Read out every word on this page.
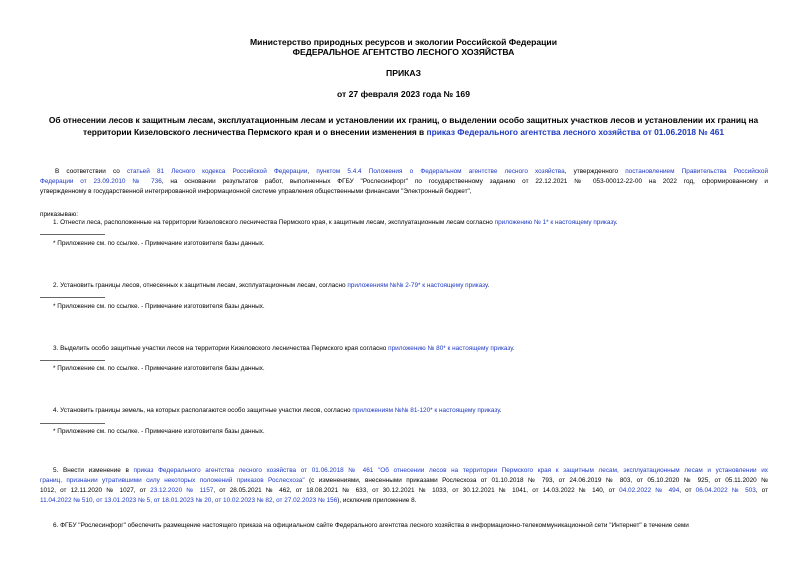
Министерство природных ресурсов и экологии Российской Федерации
ФЕДЕРАЛЬНОЕ АГЕНТСТВО ЛЕСНОГО ХОЗЯЙСТВА
ПРИКАЗ
от 27 февраля 2023 года № 169
Об отнесении лесов к защитным лесам, эксплуатационным лесам и установлении их границ, о выделении особо защитных участков лесов и установлении их границ на территории Кизеловского лесничества Пермского края и о внесении изменения в приказ Федерального агентства лесного хозяйства от 01.06.2018 № 461
В соответствии со статьей 81 Лесного кодекса Российской Федерации, пунктом 5.4.4 Положения о Федеральном агентстве лесного хозяйства, утвержденного постановлением Правительства Российской
Федерации от 23.09.2010 № 736, на основании результатов работ, выполненных ФГБУ "Рослесинфорг" по государственному заданию от 22.12.2021 № 053-00012-22-00 на 2022 год, сформированному и
утвержденному в государственной интегрированной информационной системе управления общественными финансами "Электронный бюджет",
приказываю:
1. Отнести леса, расположенные на территории Кизеловского лесничества Пермского края, к защитным лесам, эксплуатационным лесам согласно приложению № 1* к настоящему приказу.
* Приложение см. по ссылке. - Примечание изготовителя базы данных.
2. Установить границы лесов, отнесенных к защитным лесам, эксплуатационным лесам, согласно приложениям №№ 2-79* к настоящему приказу.
* Приложение см. по ссылке. - Примечание изготовителя базы данных.
3. Выделить особо защитные участки лесов на территории Кизеловского лесничества Пермского края согласно приложению № 80* к настоящему приказу.
* Приложение см. по ссылке. - Примечание изготовителя базы данных.
4. Установить границы земель, на которых располагаются особо защитные участки лесов, согласно приложениям №№ 81-120* к настоящему приказу.
* Приложение см. по ссылке. - Примечание изготовителя базы данных.
5. Внести изменение в приказ Федерального агентства лесного хозяйства от 01.06.2018 № 461 "Об отнесении лесов на территории Пермского края к защитным лесам, эксплуатационным лесам и установлении их
границ, признании утратившими силу некоторых положений приказов Рослесхоза" (с изменениями, внесенными приказами Рослесхоза от 01.10.2018 № 793, от 24.06.2019 № 803, от 05.10.2020 № 925, от 05.11.2020 №
1012, от 12.11.2020 № 1027, от 23.12.2020 № 1157, от 28.05.2021 № 462, от 18.08.2021 № 633, от 30.12.2021 № 1033, от 30.12.2021 № 1041, от 14.03.2022 № 140, от 04.02.2022 № 494, от 06.04.2022 № 503, от
11.04.2022 № 510, от 13.01.2023 № 5, от 18.01.2023 № 20, от 10.02.2023 № 82, от 27.02.2023 № 156), исключив приложение 8.
6. ФГБУ "Рослесинфорг" обеспечить размещение настоящего приказа на официальном сайте Федерального агентства лесного хозяйства в информационно-телекоммуникационной сети "Интернет" в течение семи
